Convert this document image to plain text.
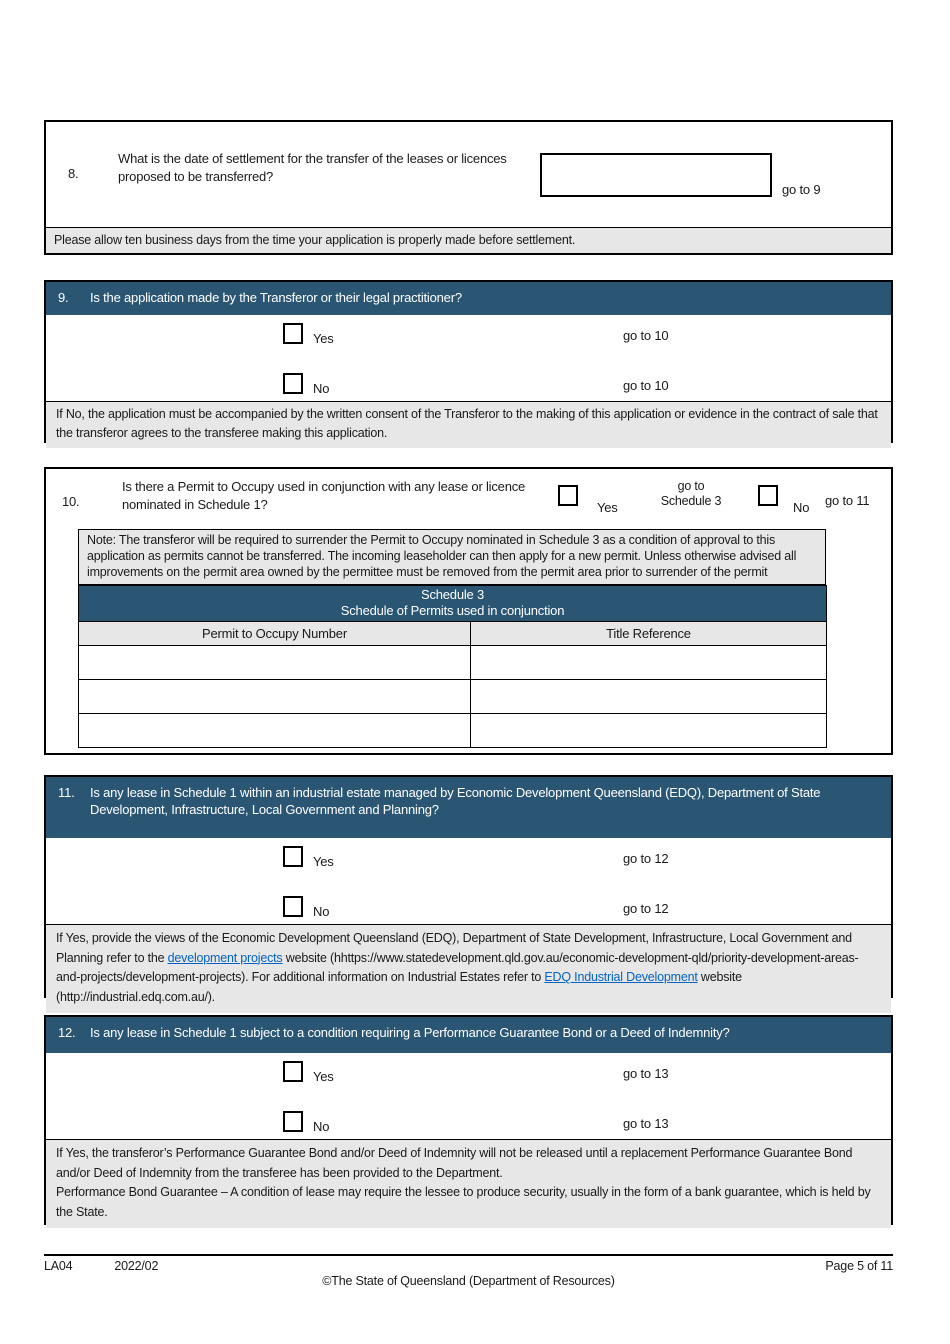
8.
What is the date of settlement for the transfer of the leases or licences proposed to be transferred?
go to 9
Please allow ten business days from the time your application is properly made before settlement.
9.	Is the application made by the Transferor or their legal practitioner?
Yes	go to 10
No	go to 10
If No, the application must be accompanied by the written consent of the Transferor to the making of this application or evidence in the contract of sale that the transferor agrees to the transferee making this application.
10.
Is there a Permit to Occupy used in conjunction with any lease or licence nominated in Schedule 1?	Yes
go to
Schedule 3	No go to 11
Note: The transferor will be required to surrender the Permit to Occupy nominated in Schedule 3 as a condition of approval to this application as permits cannot be transferred. The incoming leaseholder can then apply for a new permit. Unless otherwise advised all improvements on the permit area owned by the permittee must be removed from the permit area prior to surrender of the permit
Schedule 3
Schedule of Permits used in conjunction	

Permit to Occupy Number	Title Reference

11.	Is any lease in Schedule 1 within an industrial estate managed by Economic Development Queensland (EDQ), Department of State Development, Infrastructure, Local Government and Planning?
Yes	go to 12
No	go to 12
If Yes, provide the views of the Economic Development Queensland (EDQ), Department of State Development, Infrastructure, Local Government and Planning refer to the development projects website (hhttps://www.statedevelopment.qld.gov.au/economic-development-qld/priority-development-areas-and-projects/development-projects). For additional information on Industrial Estates refer to EDQ Industrial Development website (http://industrial.edq.com.au/).
12.	Is any lease in Schedule 1 subject to a condition requiring a Performance Guarantee Bond or a Deed of Indemnity?
Yes	go to 13
No	go to 13
If Yes, the transferor’s Performance Guarantee Bond and/or Deed of Indemnity will not be released until a replacement Performance Guarantee Bond and/or Deed of Indemnity from the transferee has been provided to the Department.
Performance Bond Guarantee – A condition of lease may require the lessee to produce security, usually in the form of a bank guarantee, which is held by the State.
LA04	2022/02	Page 5 of 11
©The State of Queensland (Department of Resources)
